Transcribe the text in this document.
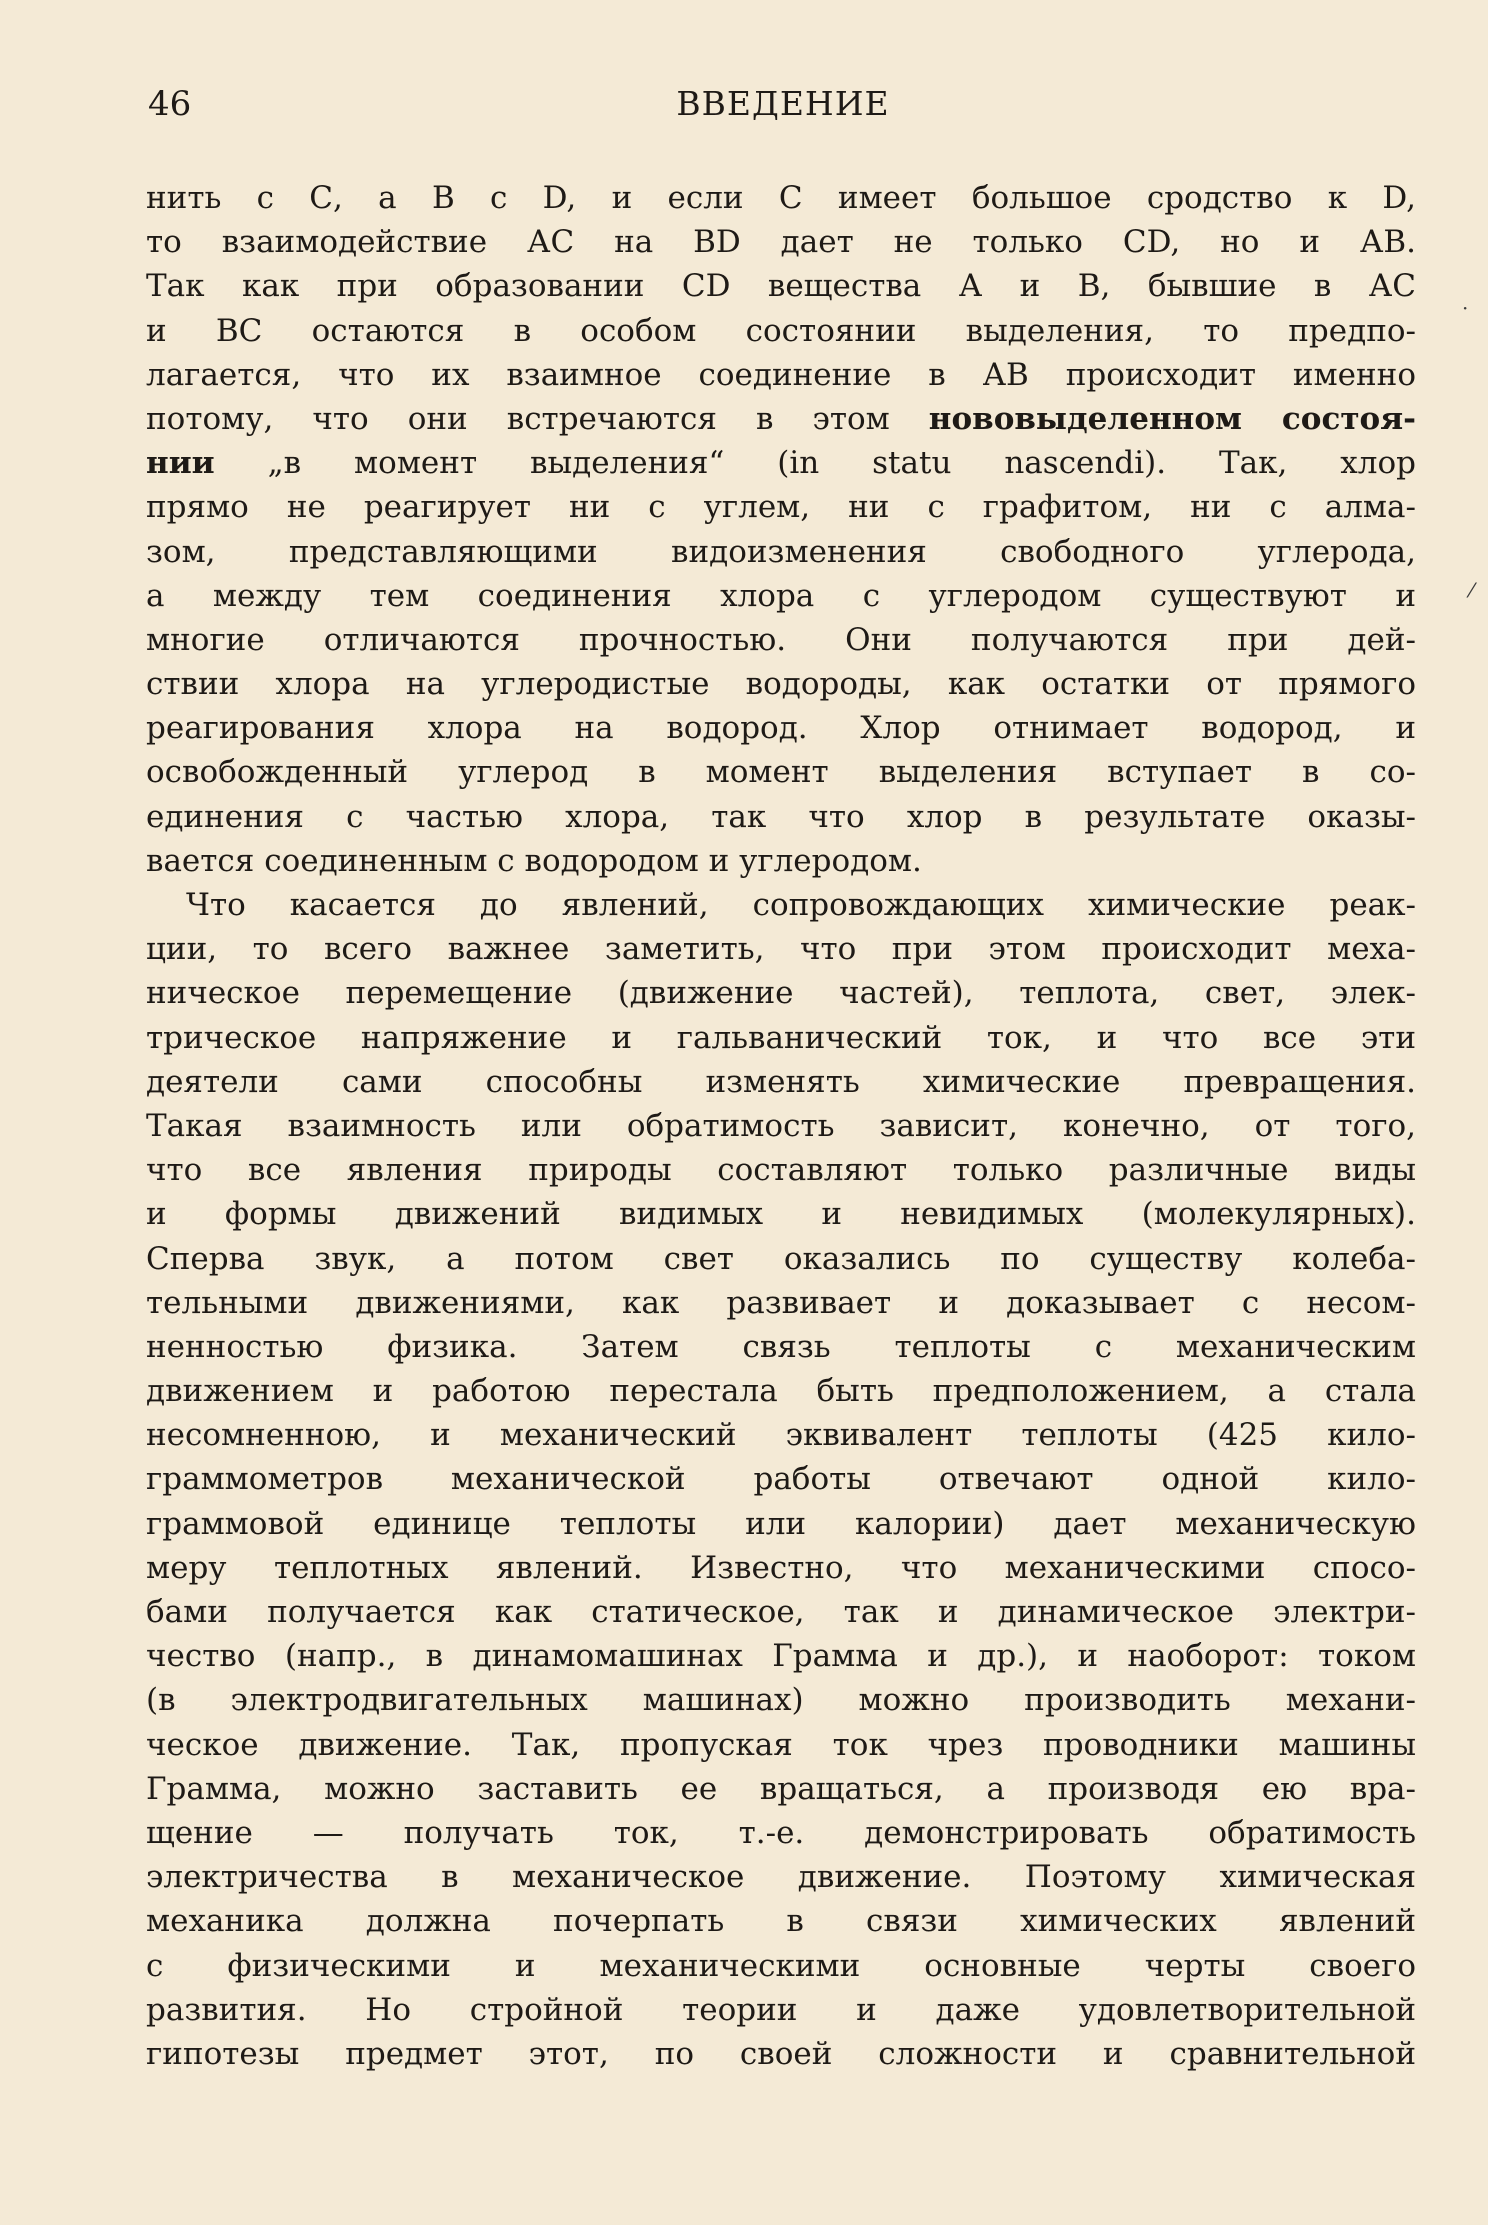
46	ВВЕДЕНИЕ
нить с С, а В с D, и если С имеет большое сродство к D,
то взаимодействие АС на BD дает не только CD, но и АВ.
Так как при образовании CD вещества А и В, бывшие в АС
и ВС остаются в особом состоянии выделения, то предпо-
лагается, что их взаимное соединение в АВ происходит именно
потому, что они встречаются в этом нововыделенном состоя-
нии „в момент выделения“ (in statu nascendi). Так, хлор
прямо не реагирует ни с углем, ни с графитом, ни с алма-
зом, представляющими видоизменения свободного углерода,
а между тем соединения хлора с углеродом существуют и
многие отличаются прочностью. Они получаются при дей-
ствии хлора на углеродистые водороды, как остатки от прямого
реагирования хлора на водород. Хлор отнимает водород, и
освобожденный углерод в момент выделения вступает в со-
единения с частью хлора, так что хлор в результате оказы-
вается соединенным с водородом и углеродом.
Что касается до явлений, сопровождающих химические реак-
ции, то всего важнее заметить, что при этом происходит меха-
ническое перемещение (движение частей), теплота, свет, элек-
трическое напряжение и гальванический ток, и что все эти
деятели сами способны изменять химические превращения.
Такая взаимность или обратимость зависит, конечно, от того,
что все явления природы составляют только различные виды
и формы движений видимых и невидимых (молекулярных).
Сперва звук, а потом свет оказались по существу колеба-
тельными движениями, как развивает и доказывает с несом-
ненностью физика. Затем связь теплоты с механическим
движением и работою перестала быть предположением, а стала
несомненною, и механический эквивалент теплоты (425 кило-
граммометров механической работы отвечают одной кило-
граммовой единице теплоты или калории) дает механическую
меру теплотных явлений. Известно, что механическими спосо-
бами получается как статическое, так и динамическое электри-
чество (напр., в динамомашинах Грамма и др.), и наоборот: током
(в электродвигательных машинах) можно производить механи-
ческое движение. Так, пропуская ток чрез проводники машины
Грамма, можно заставить ее вращаться, а производя ею вра-
щение — получать ток, т.-е. демонстрировать обратимость
электричества в механическое движение. Поэтому химическая
механика должна почерпать в связи химических явлений
с физическими и механическими основные черты своего
развития. Но стройной теории и даже удовлетворительной
гипотезы предмет этот, по своей сложности и сравнительной
·
⁄
